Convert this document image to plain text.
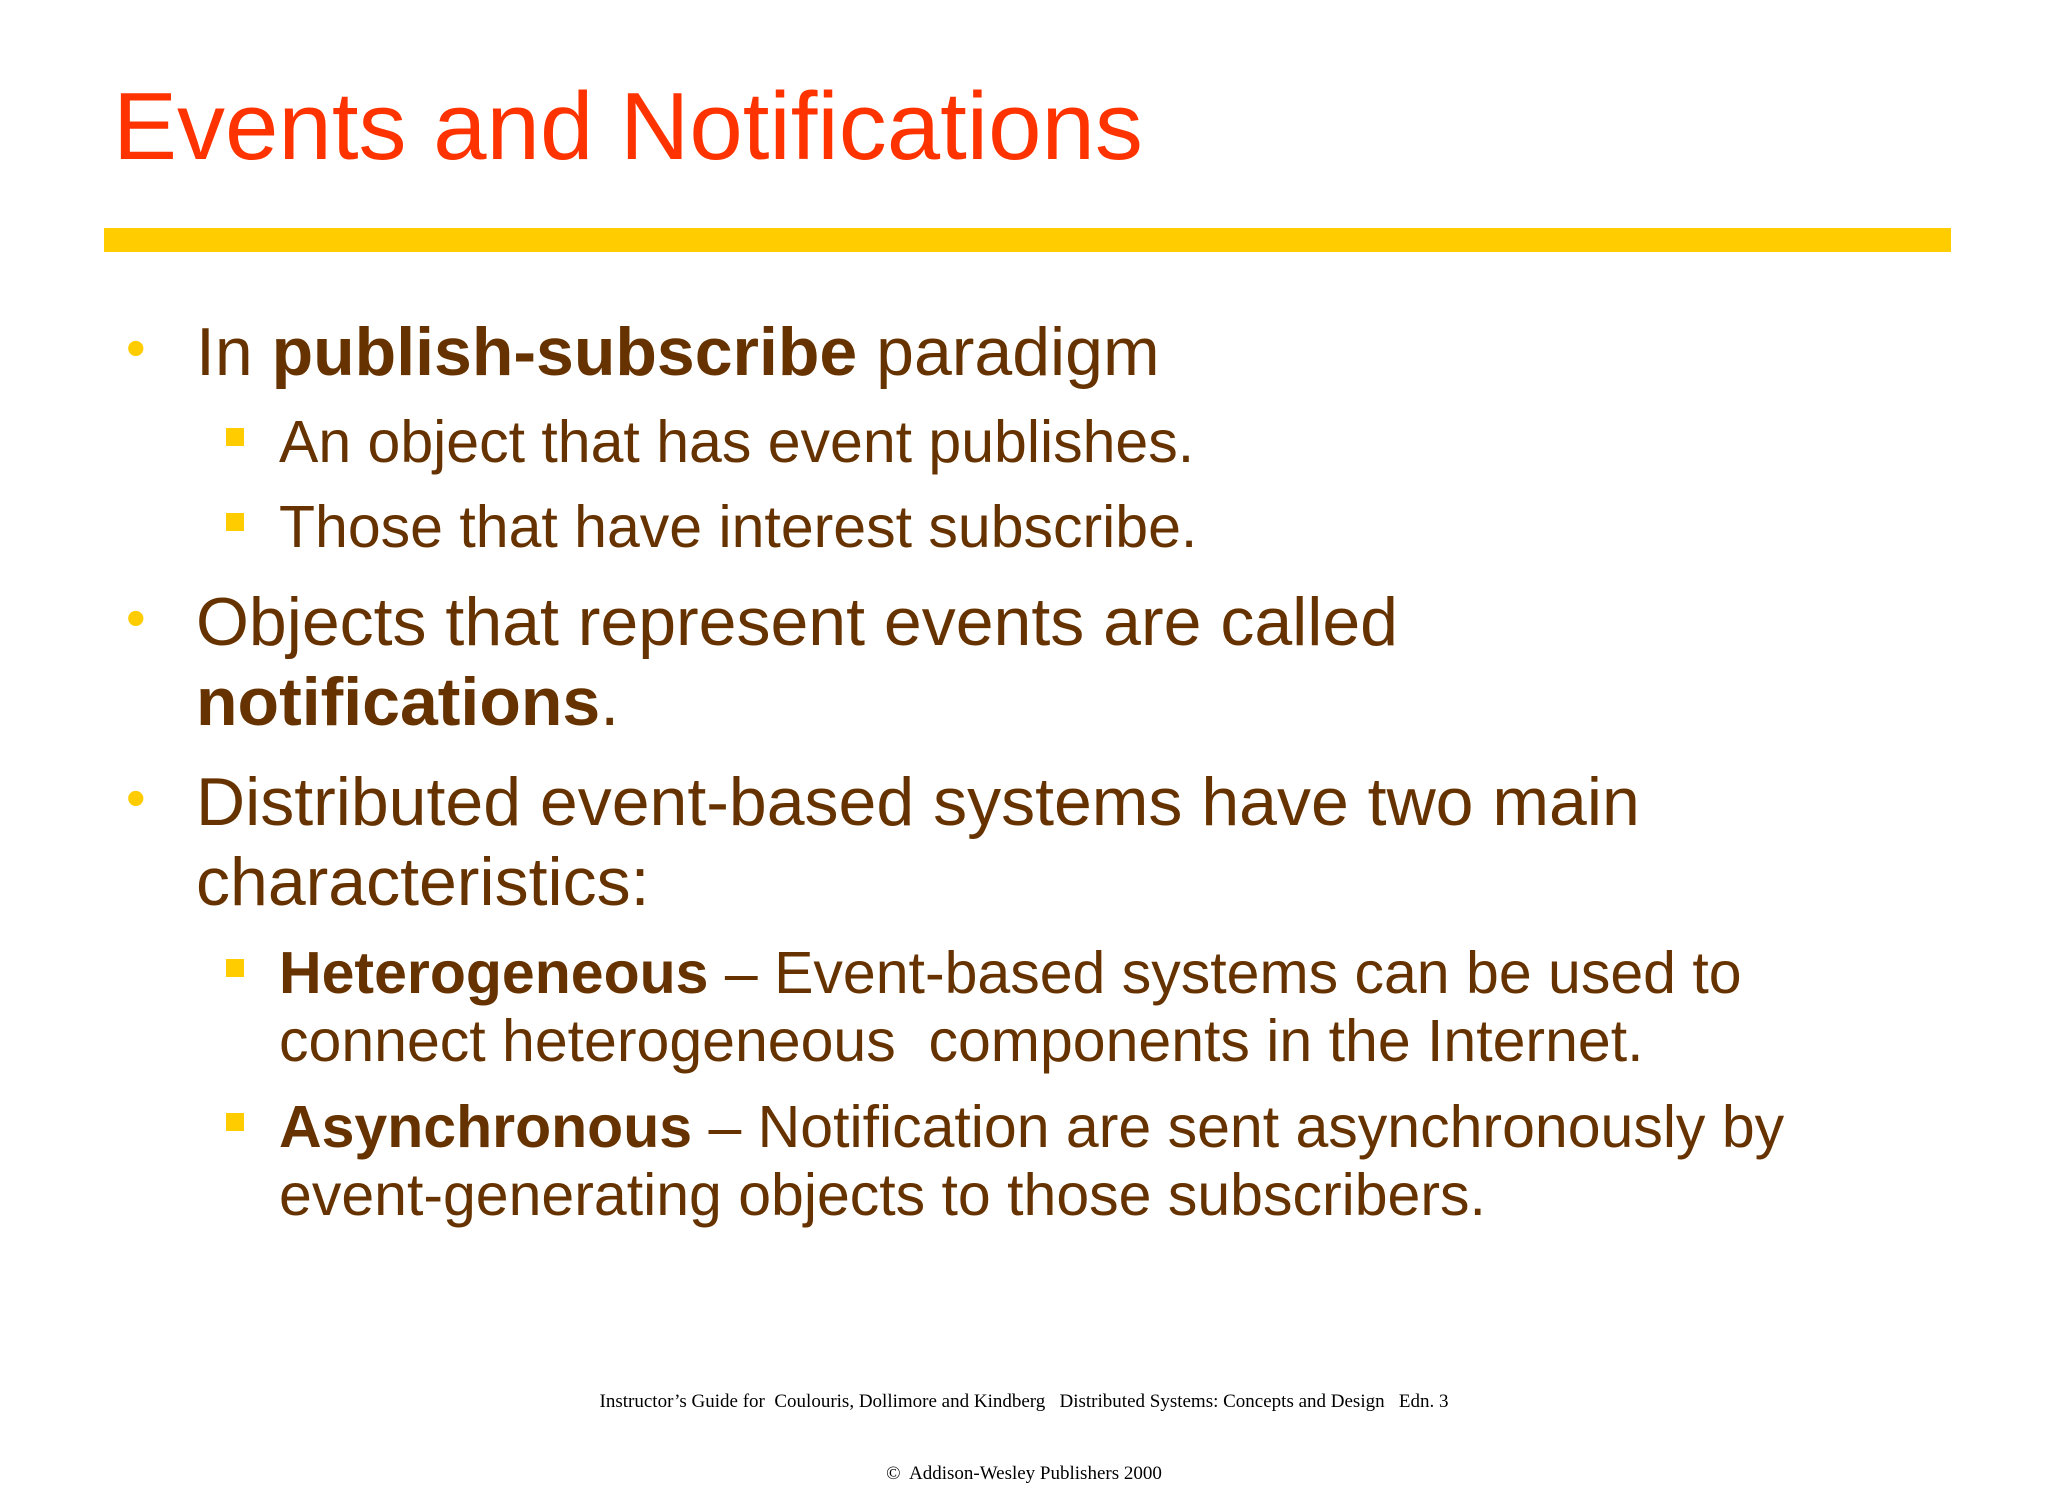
Events and Notifications
• In publish-subscribe paradigm
An object that has event publishes.
Those that have interest subscribe.
• Objects that represent events are called
notifications.
• Distributed event-based systems have two main
characteristics:
Heterogeneous – Event-based systems can be used to
connect heterogeneous  components in the Internet.
Asynchronous – Notification are sent asynchronously by
event-generating objects to those subscribers.

Instructor’s Guide for  Coulouris, Dollimore and Kindberg   Distributed Systems: Concepts and Design   Edn. 3

©  Addison-Wesley Publishers 2000
